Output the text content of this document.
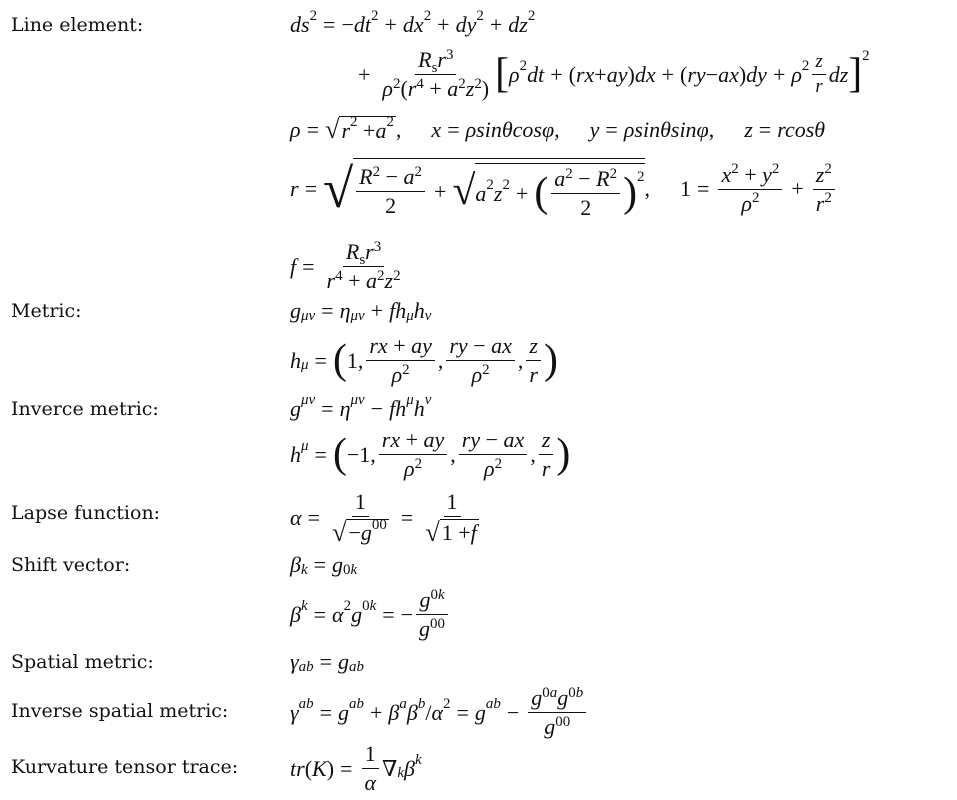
Line element:	ds 2 = − dt 2 + dx 2 + dy 2 + dz 2
+ $\frac{R_sr^3}{\rho^2(r^4 + a^2z^2)}$ [ ρ 2 dt + ( rx + ay ) dx + ( ry − ax ) dy + ρ $2 \frac{z}{r}$ dz ] 2
ρ = √ r 2 + a 2 , x = ρsinθcosφ , y = ρsinθsinφ , z = rcosθ
r = √ $\frac{R^2 - a^2}{2}$ + √ a 2 z 2 + ( $\frac{a^2 - R^2}{2}$ ) 2 ,
$1 = \frac{x^2 + y^2}{\rho^2} + \frac{z^2}{r^2}$
$f = \frac{R_sr^3}{r^4 + a^2z^2}$
Metric:	g μν = η μν + fh μ h ν
h μ = ( 1, $\frac{rx + ay}{\rho^2}$ , $\frac{ry - ax}{\rho^2}$ , $\frac{z}{r}$ )
Inverce metric:	g μν = η μν − fh μ h ν
h μ = ( −1, $\frac{rx + ay}{\rho^2}$ , $\frac{ry - ax}{\rho^2}$ , $\frac{z}{r}$ )
Lapse function:	$\alpha = \frac{1}{√ - g 00} = \frac{1}{√ 1 + f}$
Shift vector:	β k = g 0k
β k = α 2 g 0k = − $\frac{g^{0k}}{g^{00}}$
Spatial metric:	γ ab = g ab
Inverse spatial metric:	γ ab = g ab + β a β b / α 2 = g ab − $\frac{g^{0a}g^{0b}}{g^{00}}$
Kurvature tensor trace: tr ( K ) = $\frac{1}{\alpha}$ ∇ k β k
